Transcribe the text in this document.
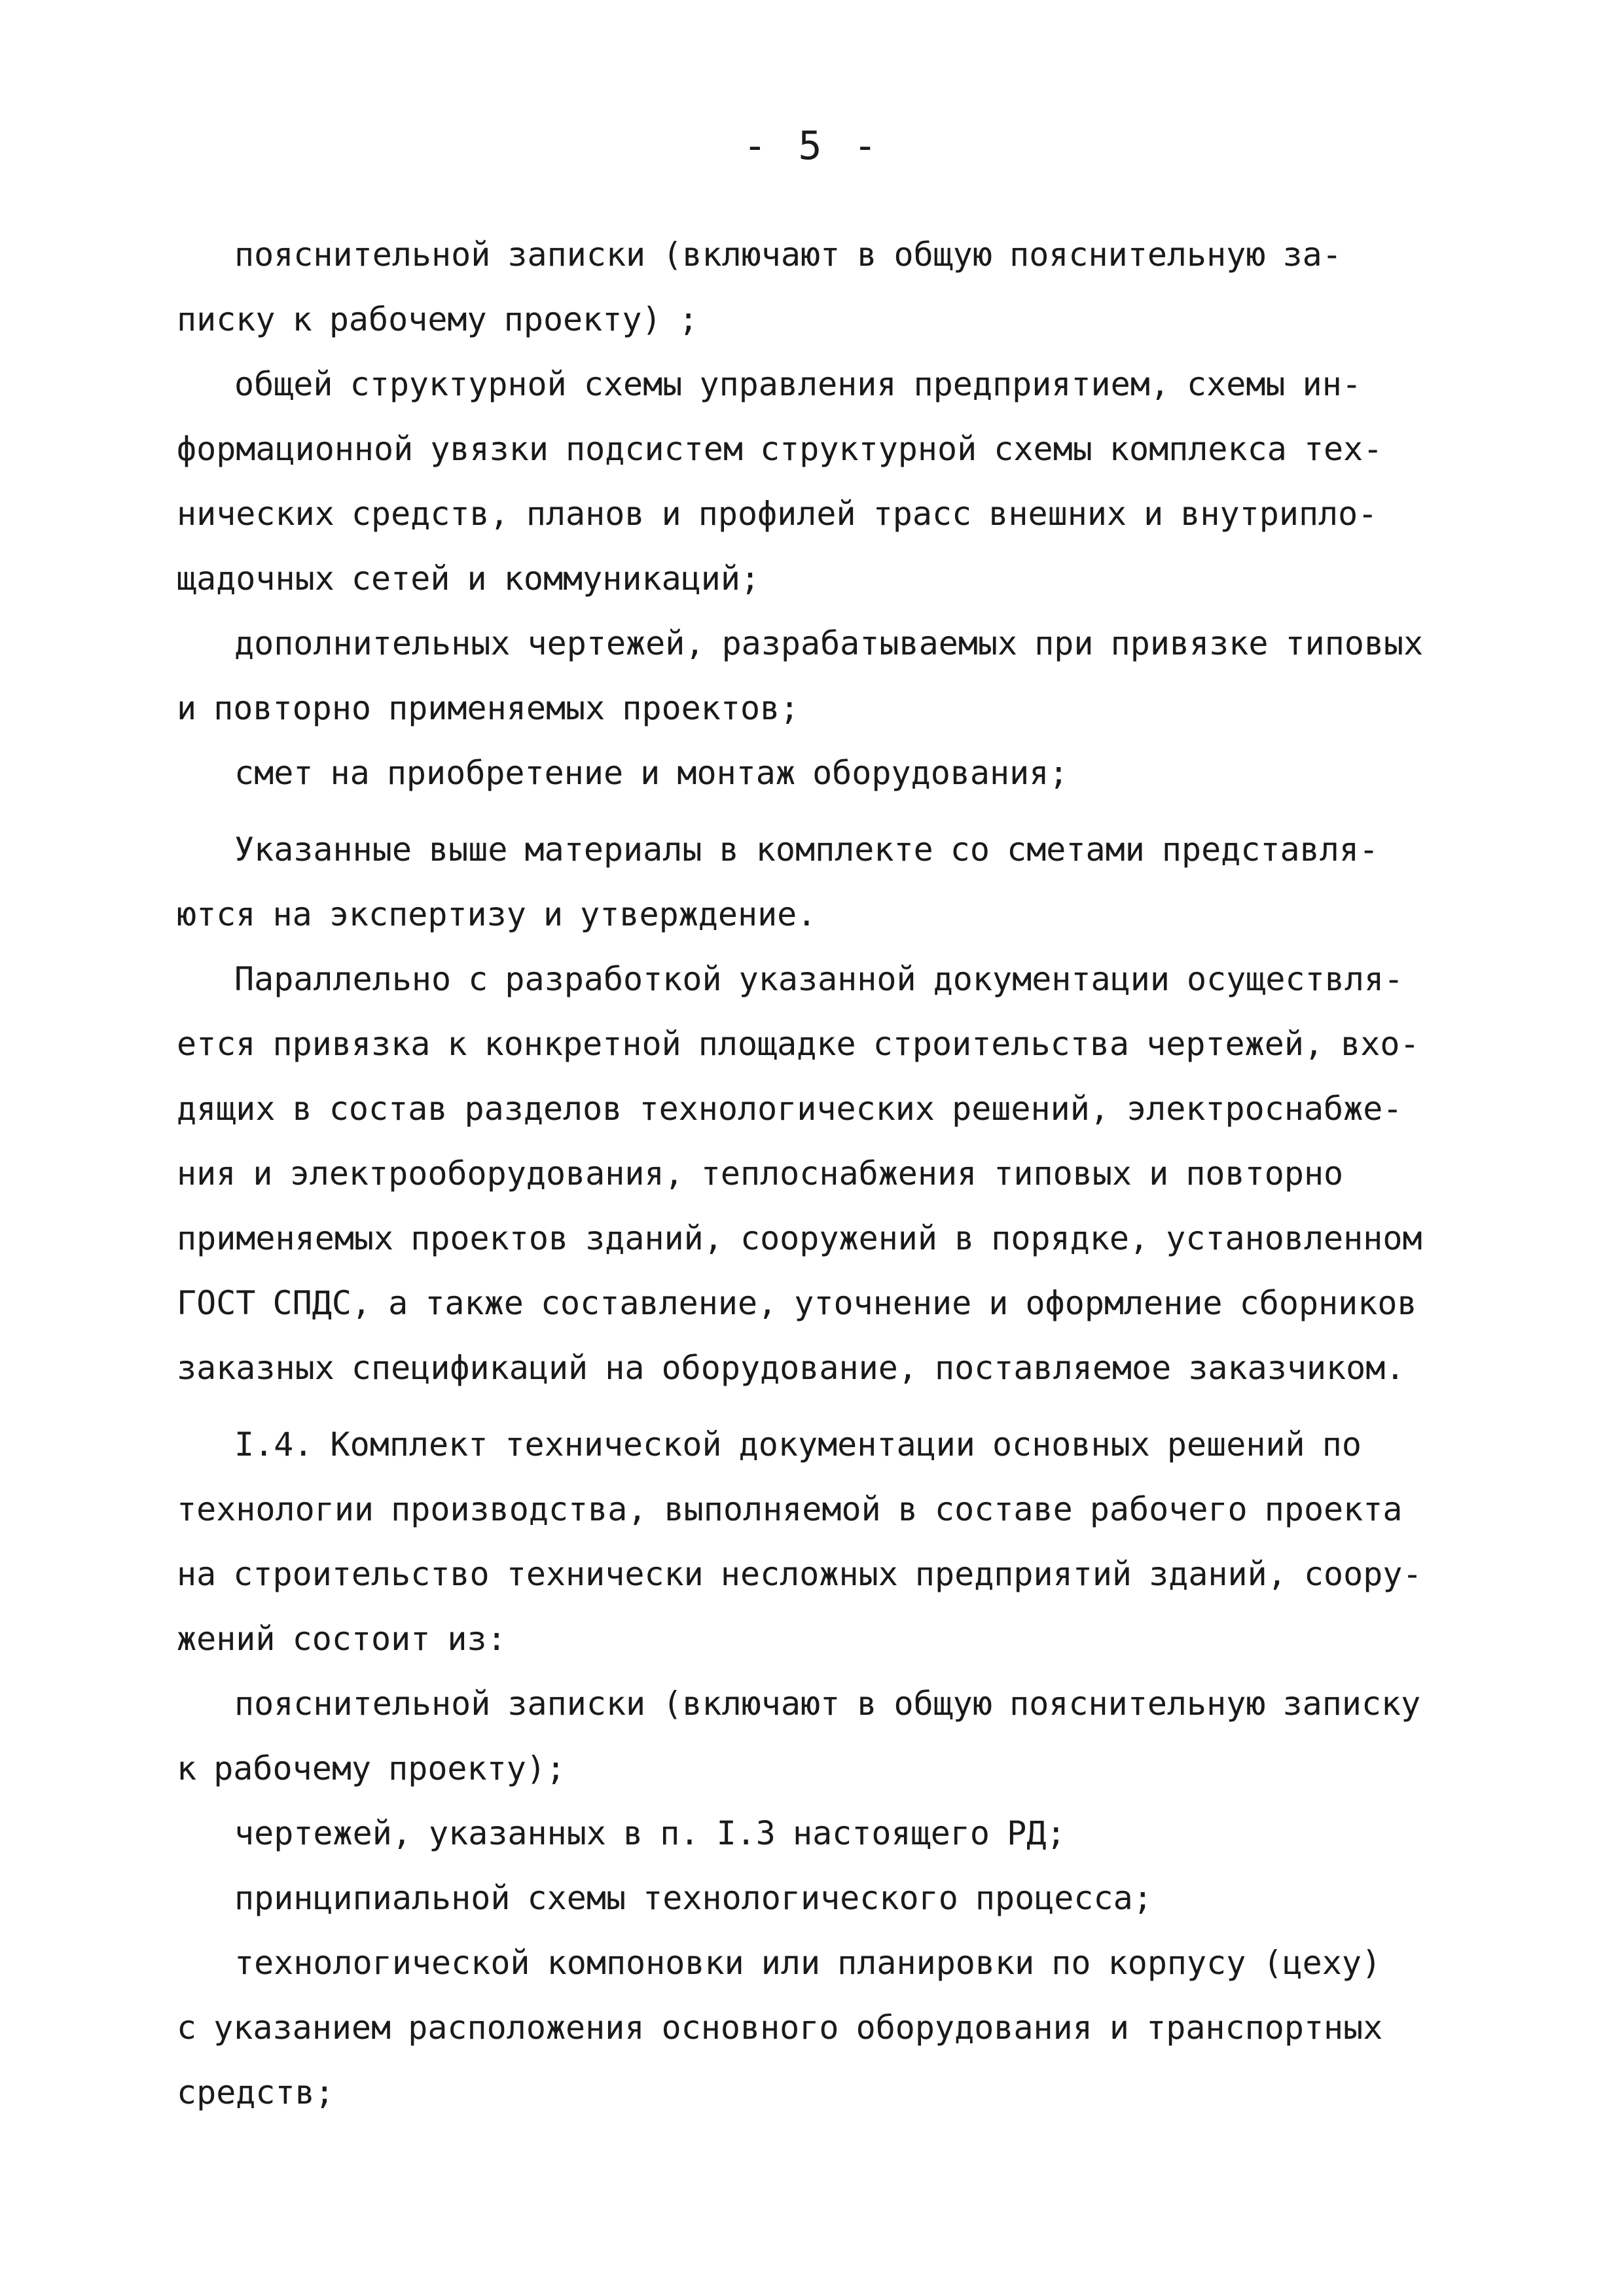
- 5 -
пояснительной записки (включают в общую пояснительную за-
писку к рабочему проекту) ;
общей структурной схемы управления предприятием, схемы ин-
формационной увязки подсистем структурной схемы комплекса тех-
нических средств, планов и профилей трасс внешних и внутрипло-
щадочных сетей и коммуникаций;
дополнительных чертежей, разрабатываемых при привязке типовых
и повторно применяемых проектов;
смет на приобретение и монтаж оборудования;
Указанные выше материалы в комплекте со сметами представля-
ются на экспертизу и утверждение.
Параллельно с разработкой указанной документации осуществля-
ется привязка к конкретной площадке строительства чертежей, вхо-
дящих в состав разделов технологических решений, электроснабже-
ния и электрооборудования, теплоснабжения типовых и повторно
применяемых проектов зданий, сооружений в порядке, установленном
ГОСТ СПДС, а также составление, уточнение и оформление сборников
заказных спецификаций на оборудование, поставляемое заказчиком.
I.4. Комплект технической документации основных решений по
технологии производства, выполняемой в составе рабочего проекта
на строительство технически несложных предприятий зданий, соору-
жений состоит из:
пояснительной записки (включают в общую пояснительную записку
к рабочему проекту);
чертежей, указанных в п. I.3 настоящего РД;
принципиальной схемы технологического процесса;
технологической компоновки или планировки по корпусу (цеху)
с указанием расположения основного оборудования и транспортных
средств;
